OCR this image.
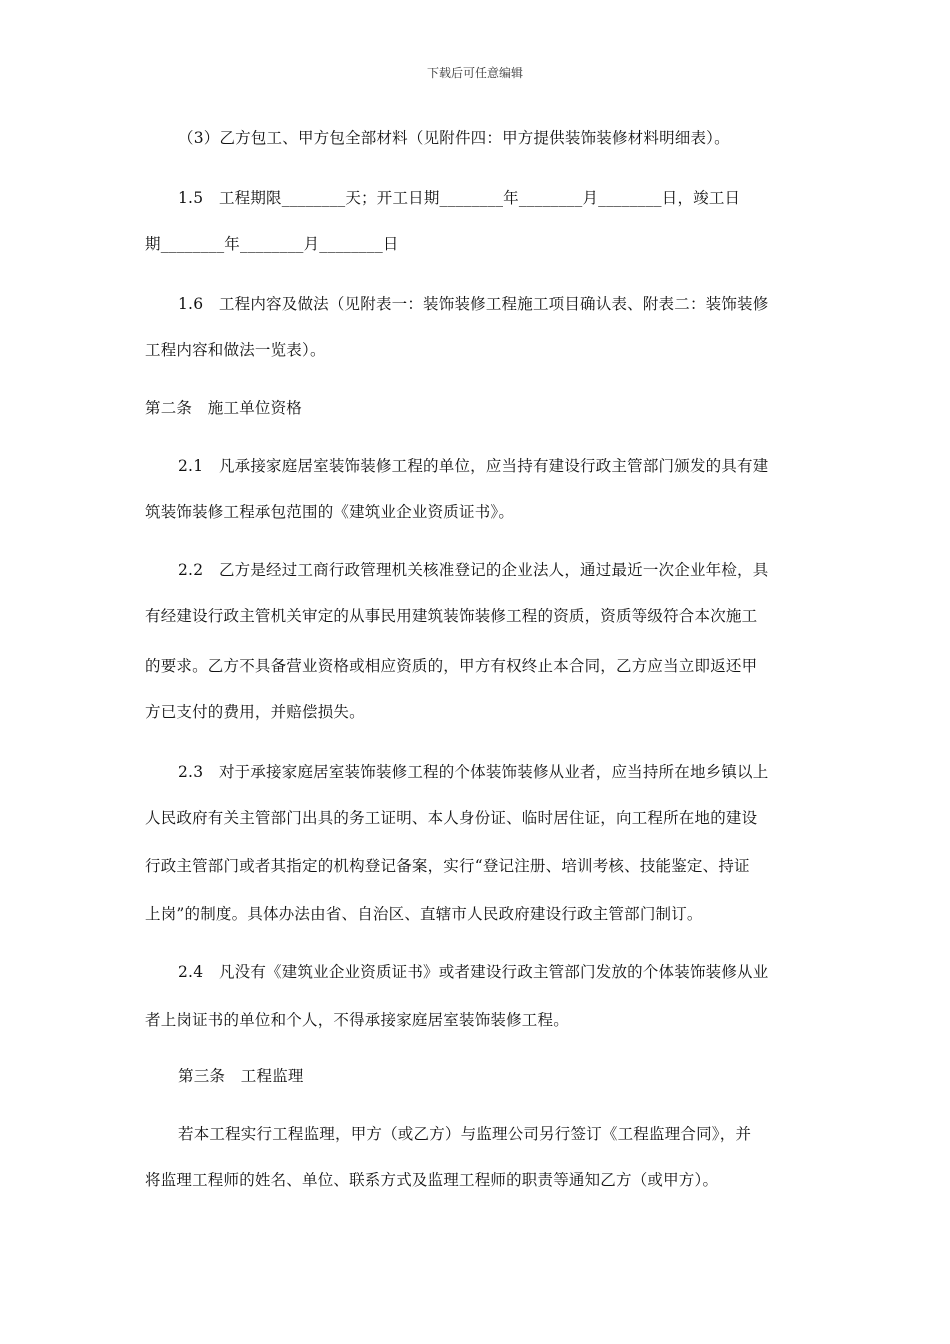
下载后可任意编辑
（3）乙方包工、甲方包全部材料（见附件四：甲方提供装饰装修材料明细表）。
1.5　工程期限________天；开工日期________年________月________日，竣工日
期________年________月________日
1.6　工程内容及做法（见附表一：装饰装修工程施工项目确认表、附表二：装饰装修
工程内容和做法一览表）。
第二条　施工单位资格
2.1　凡承接家庭居室装饰装修工程的单位，应当持有建设行政主管部门颁发的具有建
筑装饰装修工程承包范围的《建筑业企业资质证书》。
2.2　乙方是经过工商行政管理机关核准登记的企业法人，通过最近一次企业年检，具
有经建设行政主管机关审定的从事民用建筑装饰装修工程的资质，资质等级符合本次施工
的要求。乙方不具备营业资格或相应资质的，甲方有权终止本合同，乙方应当立即返还甲
方已支付的费用，并赔偿损失。
2.3　对于承接家庭居室装饰装修工程的个体装饰装修从业者，应当持所在地乡镇以上
人民政府有关主管部门出具的务工证明、本人身份证、临时居住证，向工程所在地的建设
行政主管部门或者其指定的机构登记备案，实行“登记注册、培训考核、技能鉴定、持证
上岗”的制度。具体办法由省、自治区、直辖市人民政府建设行政主管部门制订。
2.4　凡没有《建筑业企业资质证书》或者建设行政主管部门发放的个体装饰装修从业
者上岗证书的单位和个人，不得承接家庭居室装饰装修工程。
第三条　工程监理
若本工程实行工程监理，甲方（或乙方）与监理公司另行签订《工程监理合同》，并
将监理工程师的姓名、单位、联系方式及监理工程师的职责等通知乙方（或甲方）。
